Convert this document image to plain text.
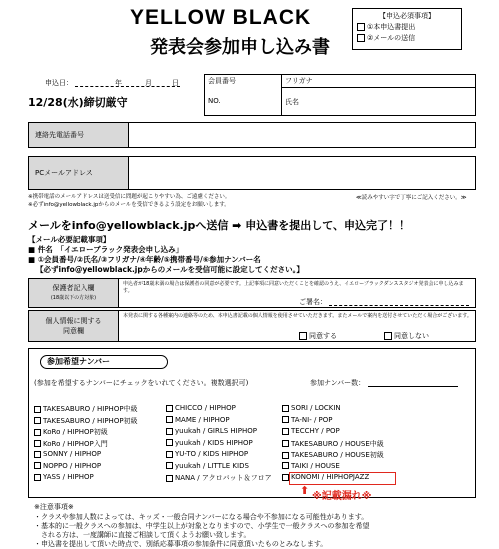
YELLOW BLACK
発表会参加申し込み書
【申込必須事項】
①本申込書提出
②メールの送信
申込日：	年	月	日	会員番号	フリガナ
NO.	氏名
12/28(水)締切厳守
連絡先電話番号
PCメールアドレス
※携帯電話のメールアドレスは送受信に問題が起こりやすい為、ご遠慮ください。
※必ずinfo@yellowblack.jpからのメールを受信できるよう設定をお願いします。
≪読みやすい字で丁寧にご記入ください。≫
メールをinfo@yellowblack.jpへ送信 ➡ 申込書を提出して、申込完了！！
【メール必要記載事項】
■ 件名　「イエローブラック発表会申し込み」
■ ①会員番号/②氏名/③フリガナ/④年齢/⑤携帯番号/⑥参加ナンバー名
【必ずinfo@yellowblack.jpからのメールを受信可能に設定してください。】
保護者記入欄
(18歳以下の方対象)
申込者が18歳未満の場合は保護者の同意が必要です。上記事項に同意いただくことを確認のうえ、イエローブラックダンススタジオ発表会に申し込みます。
ご署名：
個人情報に関する
同意欄
本発表に関する各種案内の連絡等のため、本申込書記載の個人情報を使用させていただきます。またメールで案内を送付させていただく場合がございます。
同意する	同意しない
参加希望ナンバー
(参加を希望するナンバーにチェックをいれてください。複数選択可)	参加ナンバー数：
TAKESABURO / HIPHOP中級
TAKESABURO / HIPHOP初級
KoRo / HIPHOP初級
KoRo / HIPHOP入門
SONNY / HIPHOP
NOPPO / HIPHOP
YASS / HIPHOP
CHICCO / HIPHOP
MAME / HIPHOP
yuukah / GIRLS HIPHOP
yuukah / KIDS HIPHOP
YU-TO / KIDS HIPHOP
yuukah / LITTLE KIDS
NANA / アクロバット＆フロア
SORI / LOCKIN
TA-NI- / POP
TECCHY / POP
TAKESABURO / HOUSE中級
TAKESABURO / HOUSE初級
TAIKI / HOUSE
KONOMI / HIPHOPJAZZ
⬆ ※記載漏れ※
※注意事項※
・クラスや参加人数によっては、キッズ・一般合同ナンバーになる場合や不参加になる可能性があります。
・基本的に一般クラスへの参加は、中学生以上が対象となりますので、小学生で一般クラスへの参加を希望
　される方は、一度講師に直接ご相談して頂くようお願い致します。
・申込書を提出して頂いた時点で、別紙応募事項の参加条件に同意頂いたものとみなします。
